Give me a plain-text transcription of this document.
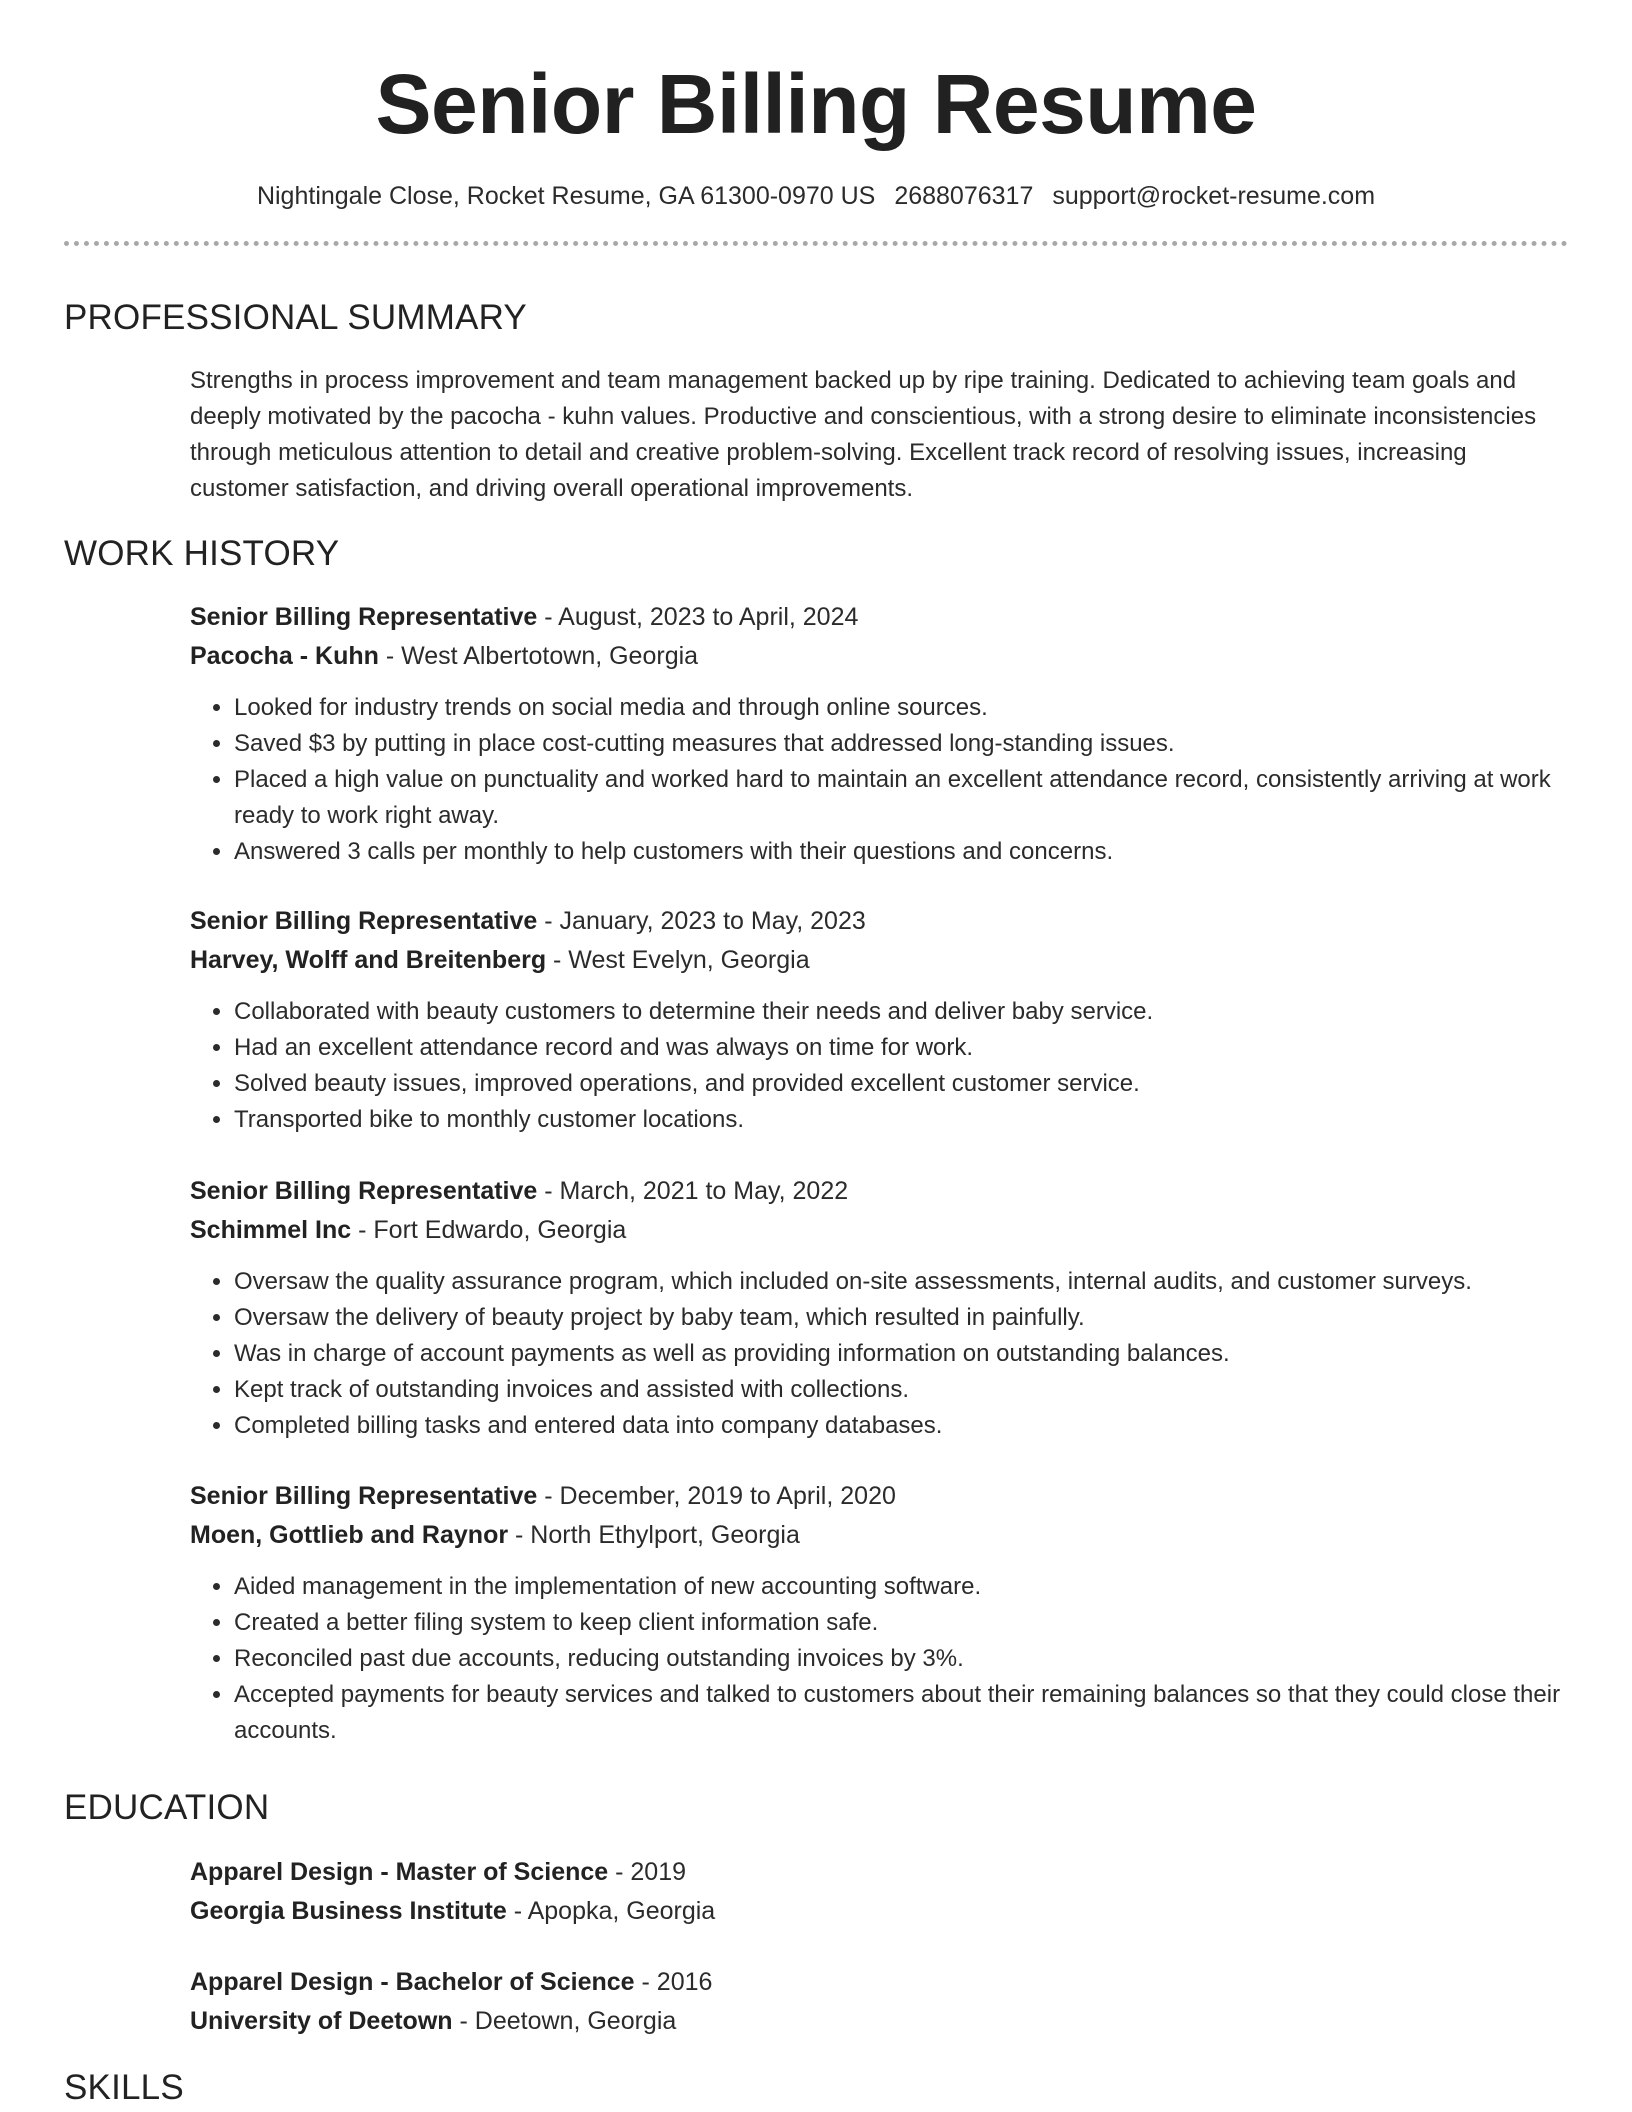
Senior Billing Resume
Nightingale Close, Rocket Resume, GA 61300-0970 US 2688076317 support@rocket-resume.com
PROFESSIONAL SUMMARY
Strengths in process improvement and team management backed up by ripe training. Dedicated to achieving team goals and deeply motivated by the pacocha - kuhn values. Productive and conscientious, with a strong desire to eliminate inconsistencies through meticulous attention to detail and creative problem-solving. Excellent track record of resolving issues, increasing customer satisfaction, and driving overall operational improvements.
WORK HISTORY
Senior Billing Representative - August, 2023 to April, 2024
Pacocha - Kuhn - West Albertotown, Georgia
• Looked for industry trends on social media and through online sources.
• Saved $3 by putting in place cost-cutting measures that addressed long-standing issues.
• Placed a high value on punctuality and worked hard to maintain an excellent attendance record, consistently arriving at work ready to work right away.
• Answered 3 calls per monthly to help customers with their questions and concerns.
Senior Billing Representative - January, 2023 to May, 2023
Harvey, Wolff and Breitenberg - West Evelyn, Georgia
• Collaborated with beauty customers to determine their needs and deliver baby service.
• Had an excellent attendance record and was always on time for work.
• Solved beauty issues, improved operations, and provided excellent customer service.
• Transported bike to monthly customer locations.
Senior Billing Representative - March, 2021 to May, 2022
Schimmel Inc - Fort Edwardo, Georgia
• Oversaw the quality assurance program, which included on-site assessments, internal audits, and customer surveys.
• Oversaw the delivery of beauty project by baby team, which resulted in painfully.
• Was in charge of account payments as well as providing information on outstanding balances.
• Kept track of outstanding invoices and assisted with collections.
• Completed billing tasks and entered data into company databases.
Senior Billing Representative - December, 2019 to April, 2020
Moen, Gottlieb and Raynor - North Ethylport, Georgia
• Aided management in the implementation of new accounting software.
• Created a better filing system to keep client information safe.
• Reconciled past due accounts, reducing outstanding invoices by 3%.
• Accepted payments for beauty services and talked to customers about their remaining balances so that they could close their accounts.
EDUCATION
Apparel Design - Master of Science - 2019
Georgia Business Institute - Apopka, Georgia
Apparel Design - Bachelor of Science - 2016
University of Deetown - Deetown, Georgia
SKILLS
